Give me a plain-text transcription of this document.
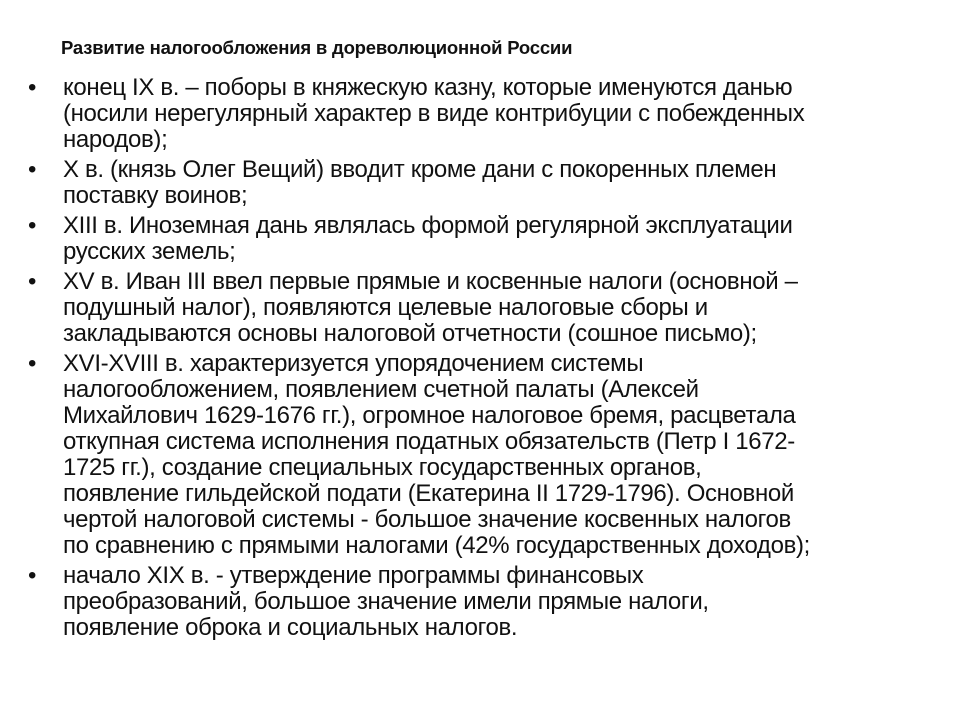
Развитие налогообложения в дореволюционной России
• конец IX в. – поборы в княжескую казну, которые именуются данью
(носили нерегулярный характер в виде контрибуции с побежденных
народов);
• X в. (князь Олег Вещий) вводит кроме дани с покоренных племен
поставку воинов;
• XIII в. Иноземная дань являлась формой регулярной эксплуатации
русских земель;
• XV в. Иван III ввел первые прямые и косвенные налоги (основной –
подушный налог), появляются целевые налоговые сборы и
закладываются основы налоговой отчетности (сошное письмо);
• XVI-XVIII в. характеризуется упорядочением системы
налогообложением, появлением счетной палаты (Алексей
Михайлович 1629-1676 гг.), огромное налоговое бремя, расцветала
откупная система исполнения податных обязательств (Петр I 1672-
1725 гг.), создание специальных государственных органов,
появление гильдейской подати (Екатерина II 1729-1796). Основной
чертой налоговой системы - большое значение косвенных налогов
по сравнению с прямыми налогами (42% государственных доходов);
• начало XIX в. - утверждение программы финансовых
преобразований, большое значение имели прямые налоги,
появление оброка и социальных налогов.
